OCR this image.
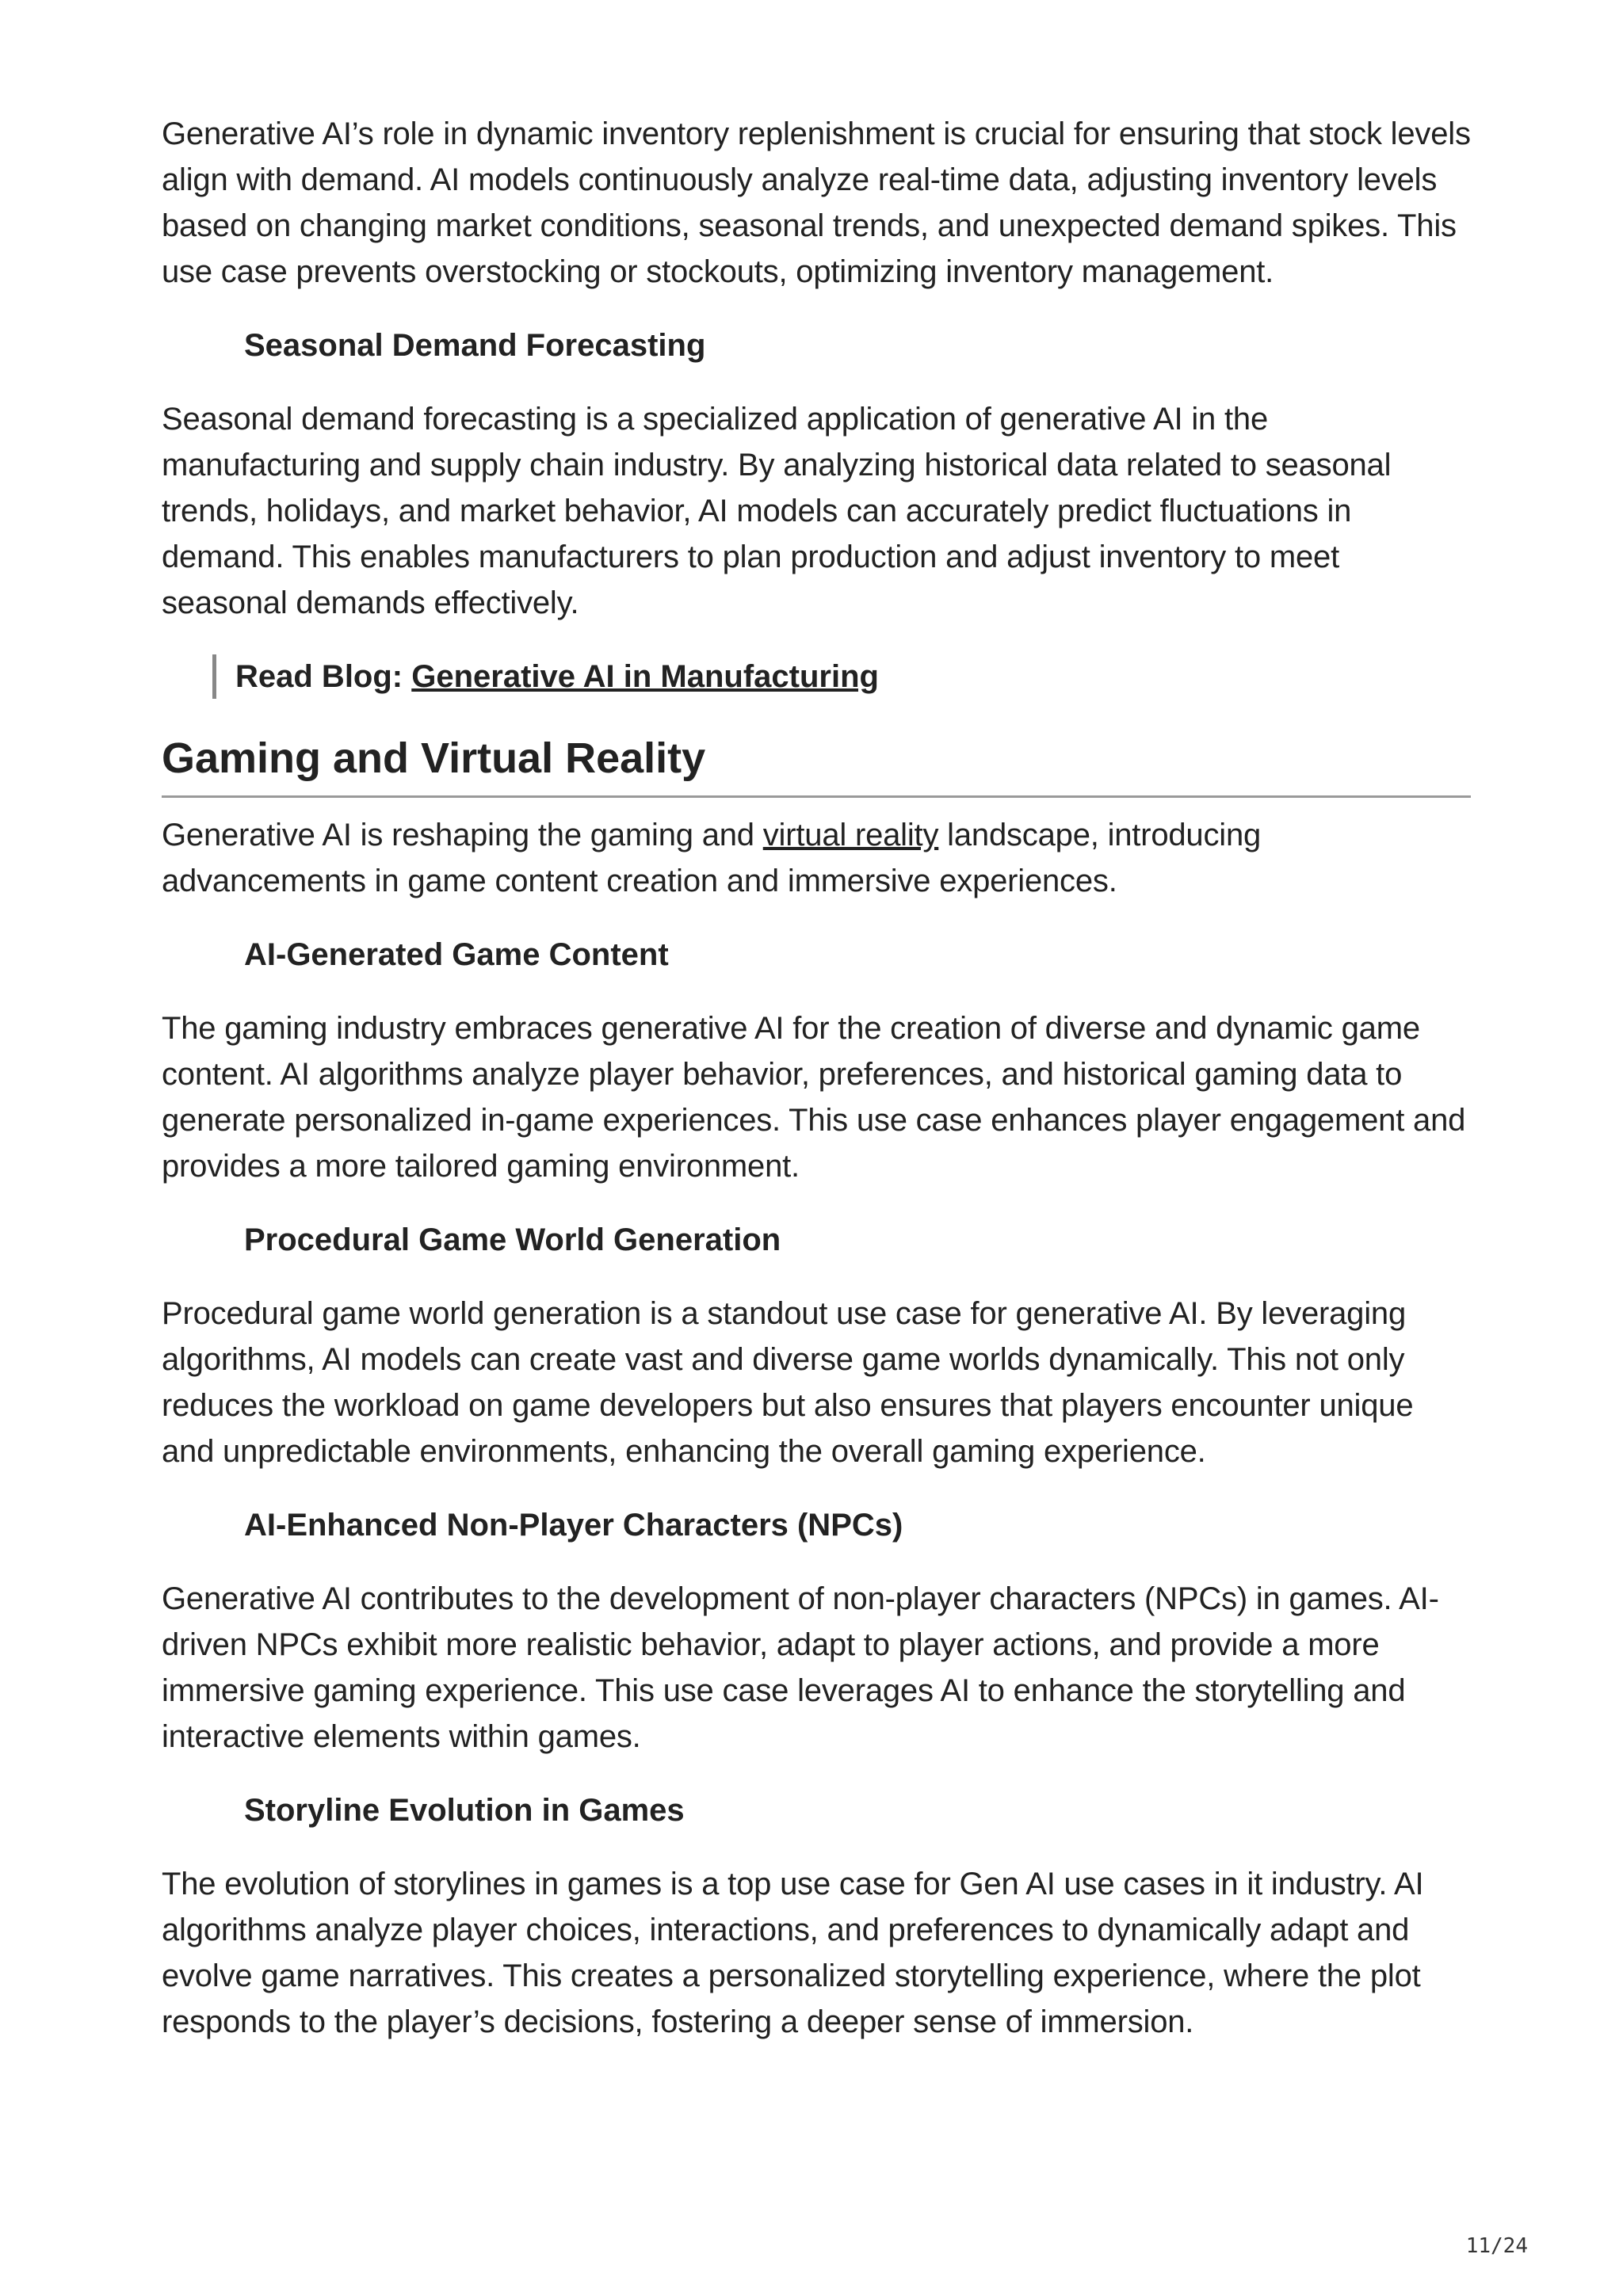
Generative AI’s role in dynamic inventory replenishment is crucial for ensuring that stock levels align with demand. AI models continuously analyze real-time data, adjusting inventory levels based on changing market conditions, seasonal trends, and unexpected demand spikes. This use case prevents overstocking or stockouts, optimizing inventory management.

Seasonal Demand Forecasting

Seasonal demand forecasting is a specialized application of generative AI in the manufacturing and supply chain industry. By analyzing historical data related to seasonal trends, holidays, and market behavior, AI models can accurately predict fluctuations in demand. This enables manufacturers to plan production and adjust inventory to meet seasonal demands effectively.

Read Blog: Generative AI in Manufacturing
Gaming and Virtual Reality

Generative AI is reshaping the gaming and virtual reality landscape, introducing advancements in game content creation and immersive experiences.

AI-Generated Game Content

The gaming industry embraces generative AI for the creation of diverse and dynamic game content. AI algorithms analyze player behavior, preferences, and historical gaming data to generate personalized in-game experiences. This use case enhances player engagement and provides a more tailored gaming environment.

Procedural Game World Generation

Procedural game world generation is a standout use case for generative AI. By leveraging algorithms, AI models can create vast and diverse game worlds dynamically. This not only reduces the workload on game developers but also ensures that players encounter unique and unpredictable environments, enhancing the overall gaming experience.

AI-Enhanced Non-Player Characters (NPCs)

Generative AI contributes to the development of non-player characters (NPCs) in games. AI-driven NPCs exhibit more realistic behavior, adapt to player actions, and provide a more immersive gaming experience. This use case leverages AI to enhance the storytelling and interactive elements within games.

Storyline Evolution in Games

The evolution of storylines in games is a top use case for Gen AI use cases in it industry. AI algorithms analyze player choices, interactions, and preferences to dynamically adapt and evolve game narratives. This creates a personalized storytelling experience, where the plot responds to the player’s decisions, fostering a deeper sense of immersion.

11/24
